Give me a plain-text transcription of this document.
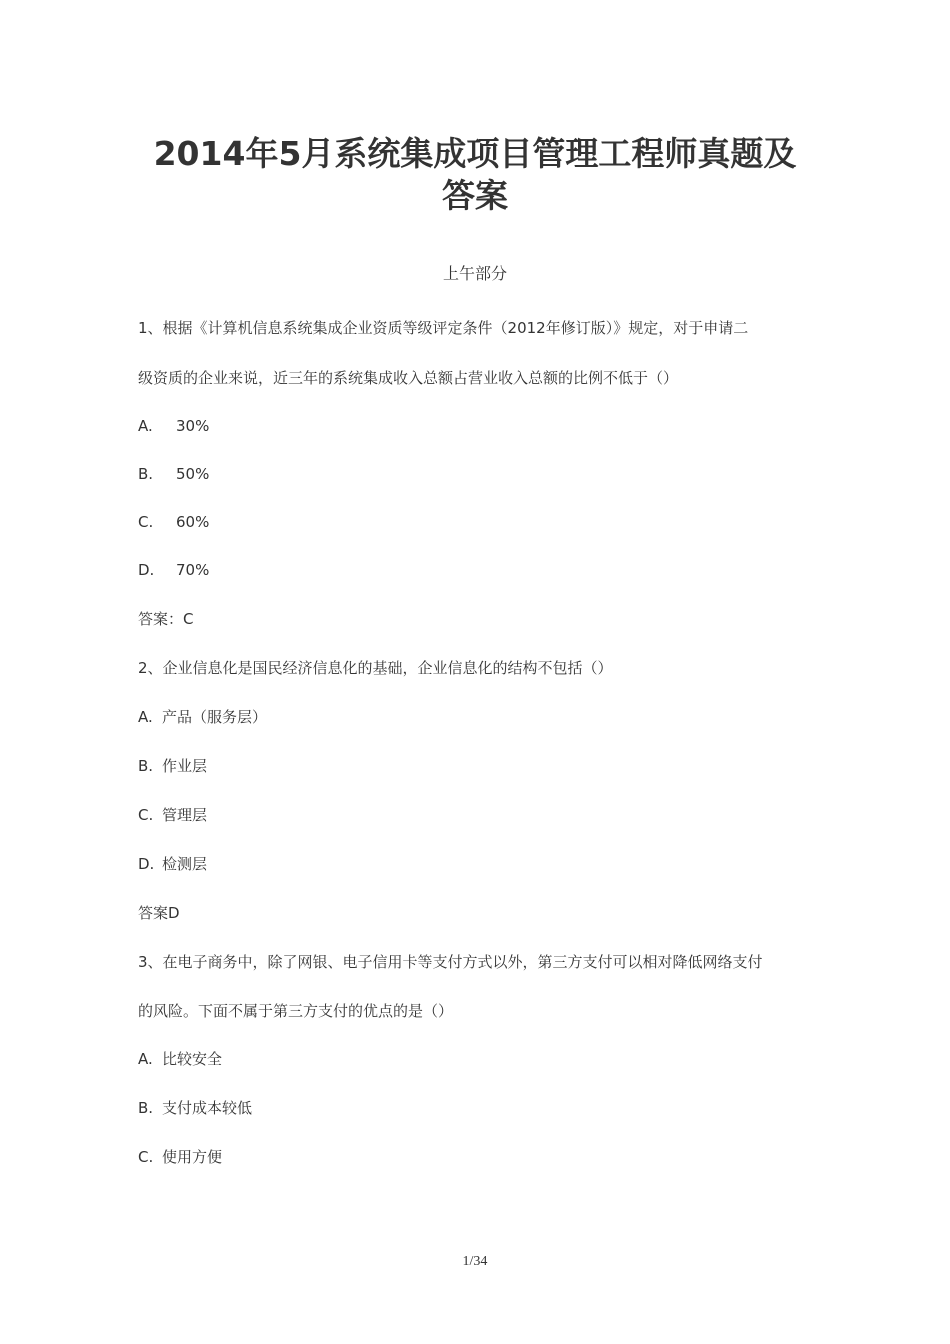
2014年5月系统集成项目管理工程师真题及
答案
上午部分
1、根据《计算机信息系统集成企业资质等级评定条件（2012年修订版）》规定，对于申请二
级资质的企业来说，近三年的系统集成收入总额占营业收入总额的比例不低于（）
A. 30%
B. 50%
C. 60%
D. 70%
答案：C
2、企业信息化是国民经济信息化的基础，企业信息化的结构不包括（）
A. 产品（服务层）
B. 作业层
C. 管理层
D. 检测层
答案D
3、在电子商务中，除了网银、电子信用卡等支付方式以外，第三方支付可以相对降低网络支付
的风险。下面不属于第三方支付的优点的是（）
A. 比较安全
B. 支付成本较低
C. 使用方便
1/34
